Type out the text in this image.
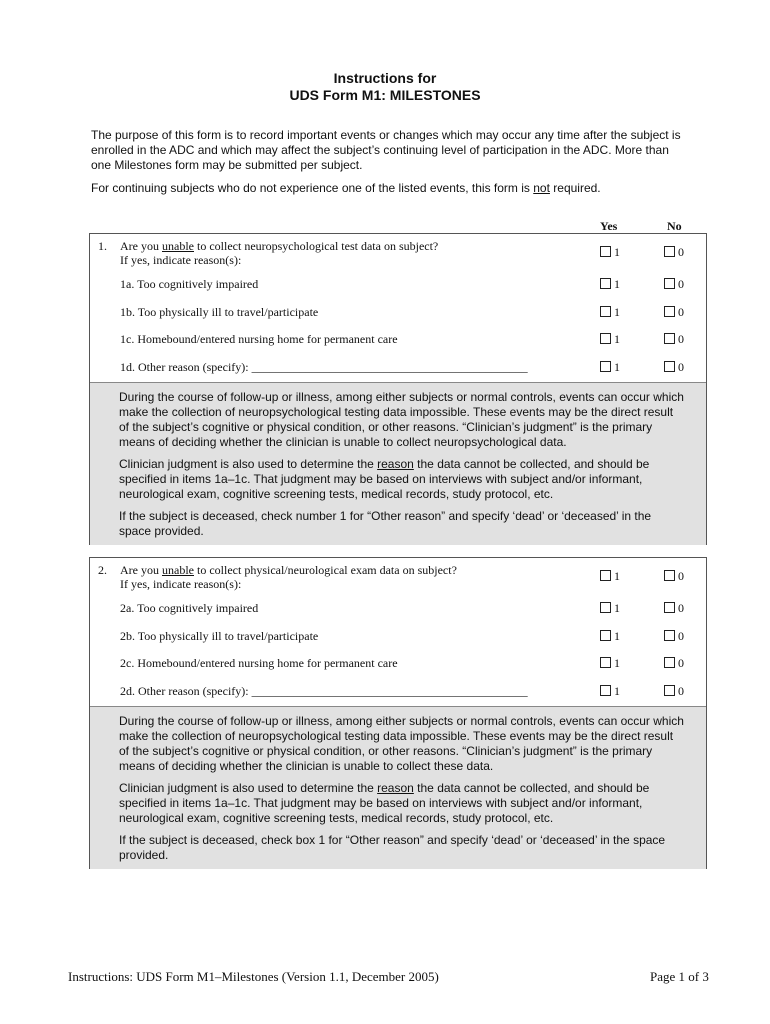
Instructions for
UDS Form M1: MILESTONES
The purpose of this form is to record important events or changes which may occur any time after the subject is enrolled in the ADC and which may affect the subject’s continuing level of participation in the ADC. More than one Milestones form may be submitted per subject.
For continuing subjects who do not experience one of the listed events, this form is not required.
Yes	No
1. Are you unable to collect neuropsychological test data on subject?
If yes, indicate reason(s):
1	0
1a. Too cognitively impaired	1	0
1b. Too physically ill to travel/participate	1	0
1c. Homebound/entered nursing home for permanent care	1	0
1d. Other reason (specify): ______________________________________________	1	0

During the course of follow-up or illness, among either subjects or normal controls, events can occur which make the collection of neuropsychological testing data impossible. These events may be the direct result of the subject’s cognitive or physical condition, or other reasons. “Clinician’s judgment” is the primary means of deciding whether the clinician is unable to collect neuropsychological data.

Clinician judgment is also used to determine the reason the data cannot be collected, and should be specified in items 1a–1c. That judgment may be based on interviews with subject and/or informant, neurological exam, cognitive screening tests, medical records, study protocol, etc.

If the subject is deceased, check number 1 for “Other reason” and specify ‘dead’ or ‘deceased’ in the space provided.

2. Are you unable to collect physical/neurological exam data on subject?
If yes, indicate reason(s):
1	0
2a. Too cognitively impaired	1	0
2b. Too physically ill to travel/participate	1	0
2c. Homebound/entered nursing home for permanent care	1	0
2d. Other reason (specify): ______________________________________________	1	0

During the course of follow-up or illness, among either subjects or normal controls, events can occur which make the collection of neuropsychological testing data impossible. These events may be the direct result of the subject’s cognitive or physical condition, or other reasons. “Clinician’s judgment” is the primary means of deciding whether the clinician is unable to collect these data.

Clinician judgment is also used to determine the reason the data cannot be collected, and should be specified in items 1a–1c. That judgment may be based on interviews with subject and/or informant, neurological exam, cognitive screening tests, medical records, study protocol, etc.

If the subject is deceased, check box 1 for “Other reason” and specify ‘dead’ or ‘deceased’ in the space provided.

Instructions: UDS Form M1–Milestones (Version 1.1, December 2005)	Page 1 of 3
